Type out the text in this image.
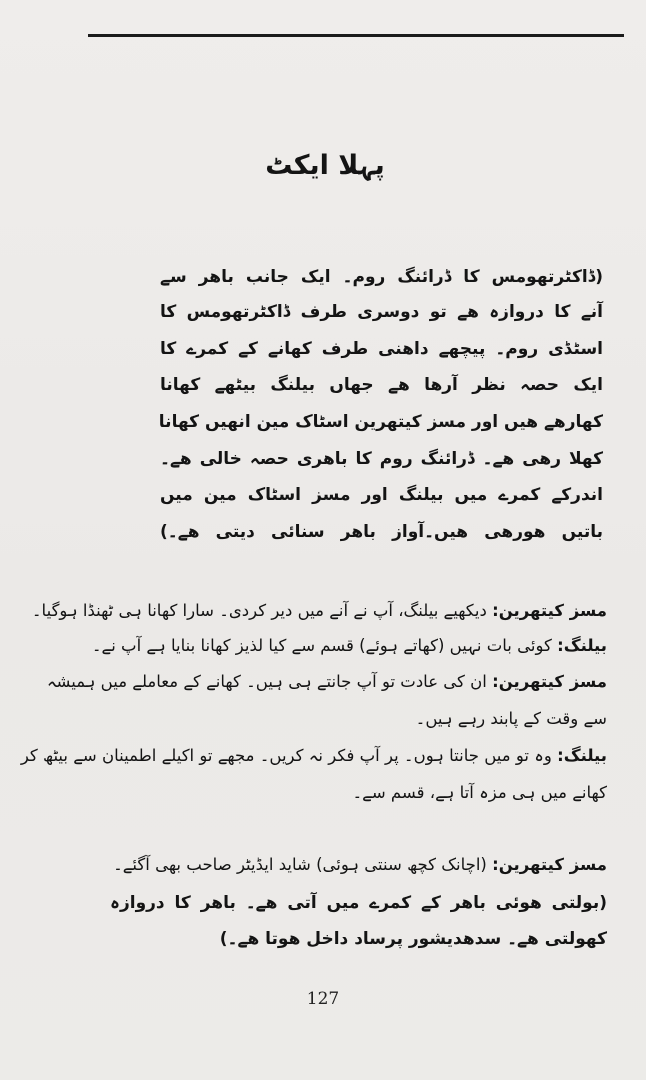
پہلا ایکٹ
(ڈاکٹرتھومس کا ڈرائنگ روم۔ ایک جانب باھر سے
آنے کا دروازہ ھے تو دوسری طرف ڈاکٹرتھومس کا
اسٹڈی روم۔ پیچھے داھنی طرف کھانے کے کمرے کا
ایک حصہ نظر آرھا ھے جھاں بیلنگ بیٹھے کھانا
کھارھے ھیں اور مسز کیتھرین اسٹاک مین انھیں کھانا
کھلا رھی ھے۔ ڈرائنگ روم کا باھری حصہ خالی ھے۔
اندرکے کمرے میں بیلنگ اور مسز اسٹاک مین میں
باتیں ھورھی ھیں۔آواز باھر سنائی دیتی ھے۔)
مسز کیتھرین: دیکھیے بیلنگ، آپ نے آنے میں دیر کردی۔ سارا کھانا ہی ٹھنڈا ہوگیا۔
بیلنگ: کوئی بات نہیں (کھاتے ہوئے) قسم سے کیا لذیز کھانا بنایا ہے آپ نے۔
مسز کیتھرین: ان کی عادت تو آپ جانتے ہی ہیں۔ کھانے کے معاملے میں ہمیشہ
سے وقت کے پابند رہے ہیں۔
بیلنگ: وہ تو میں جانتا ہوں۔ پر آپ فکر نہ کریں۔ مجھے تو اکیلے اطمینان سے بیٹھ کر
کھانے میں ہی مزہ آتا ہے، قسم سے۔
مسز کیتھرین: (اچانک کچھ سنتی ہوئی) شاید ایڈیٹر صاحب بھی آگئے۔
(بولتی ھوئی باھر کے کمرے میں آتی ھے۔ باھر کا دروازہ
کھولتی ھے۔ سدھدیشور پرساد داخل ھوتا ھے۔)
127
